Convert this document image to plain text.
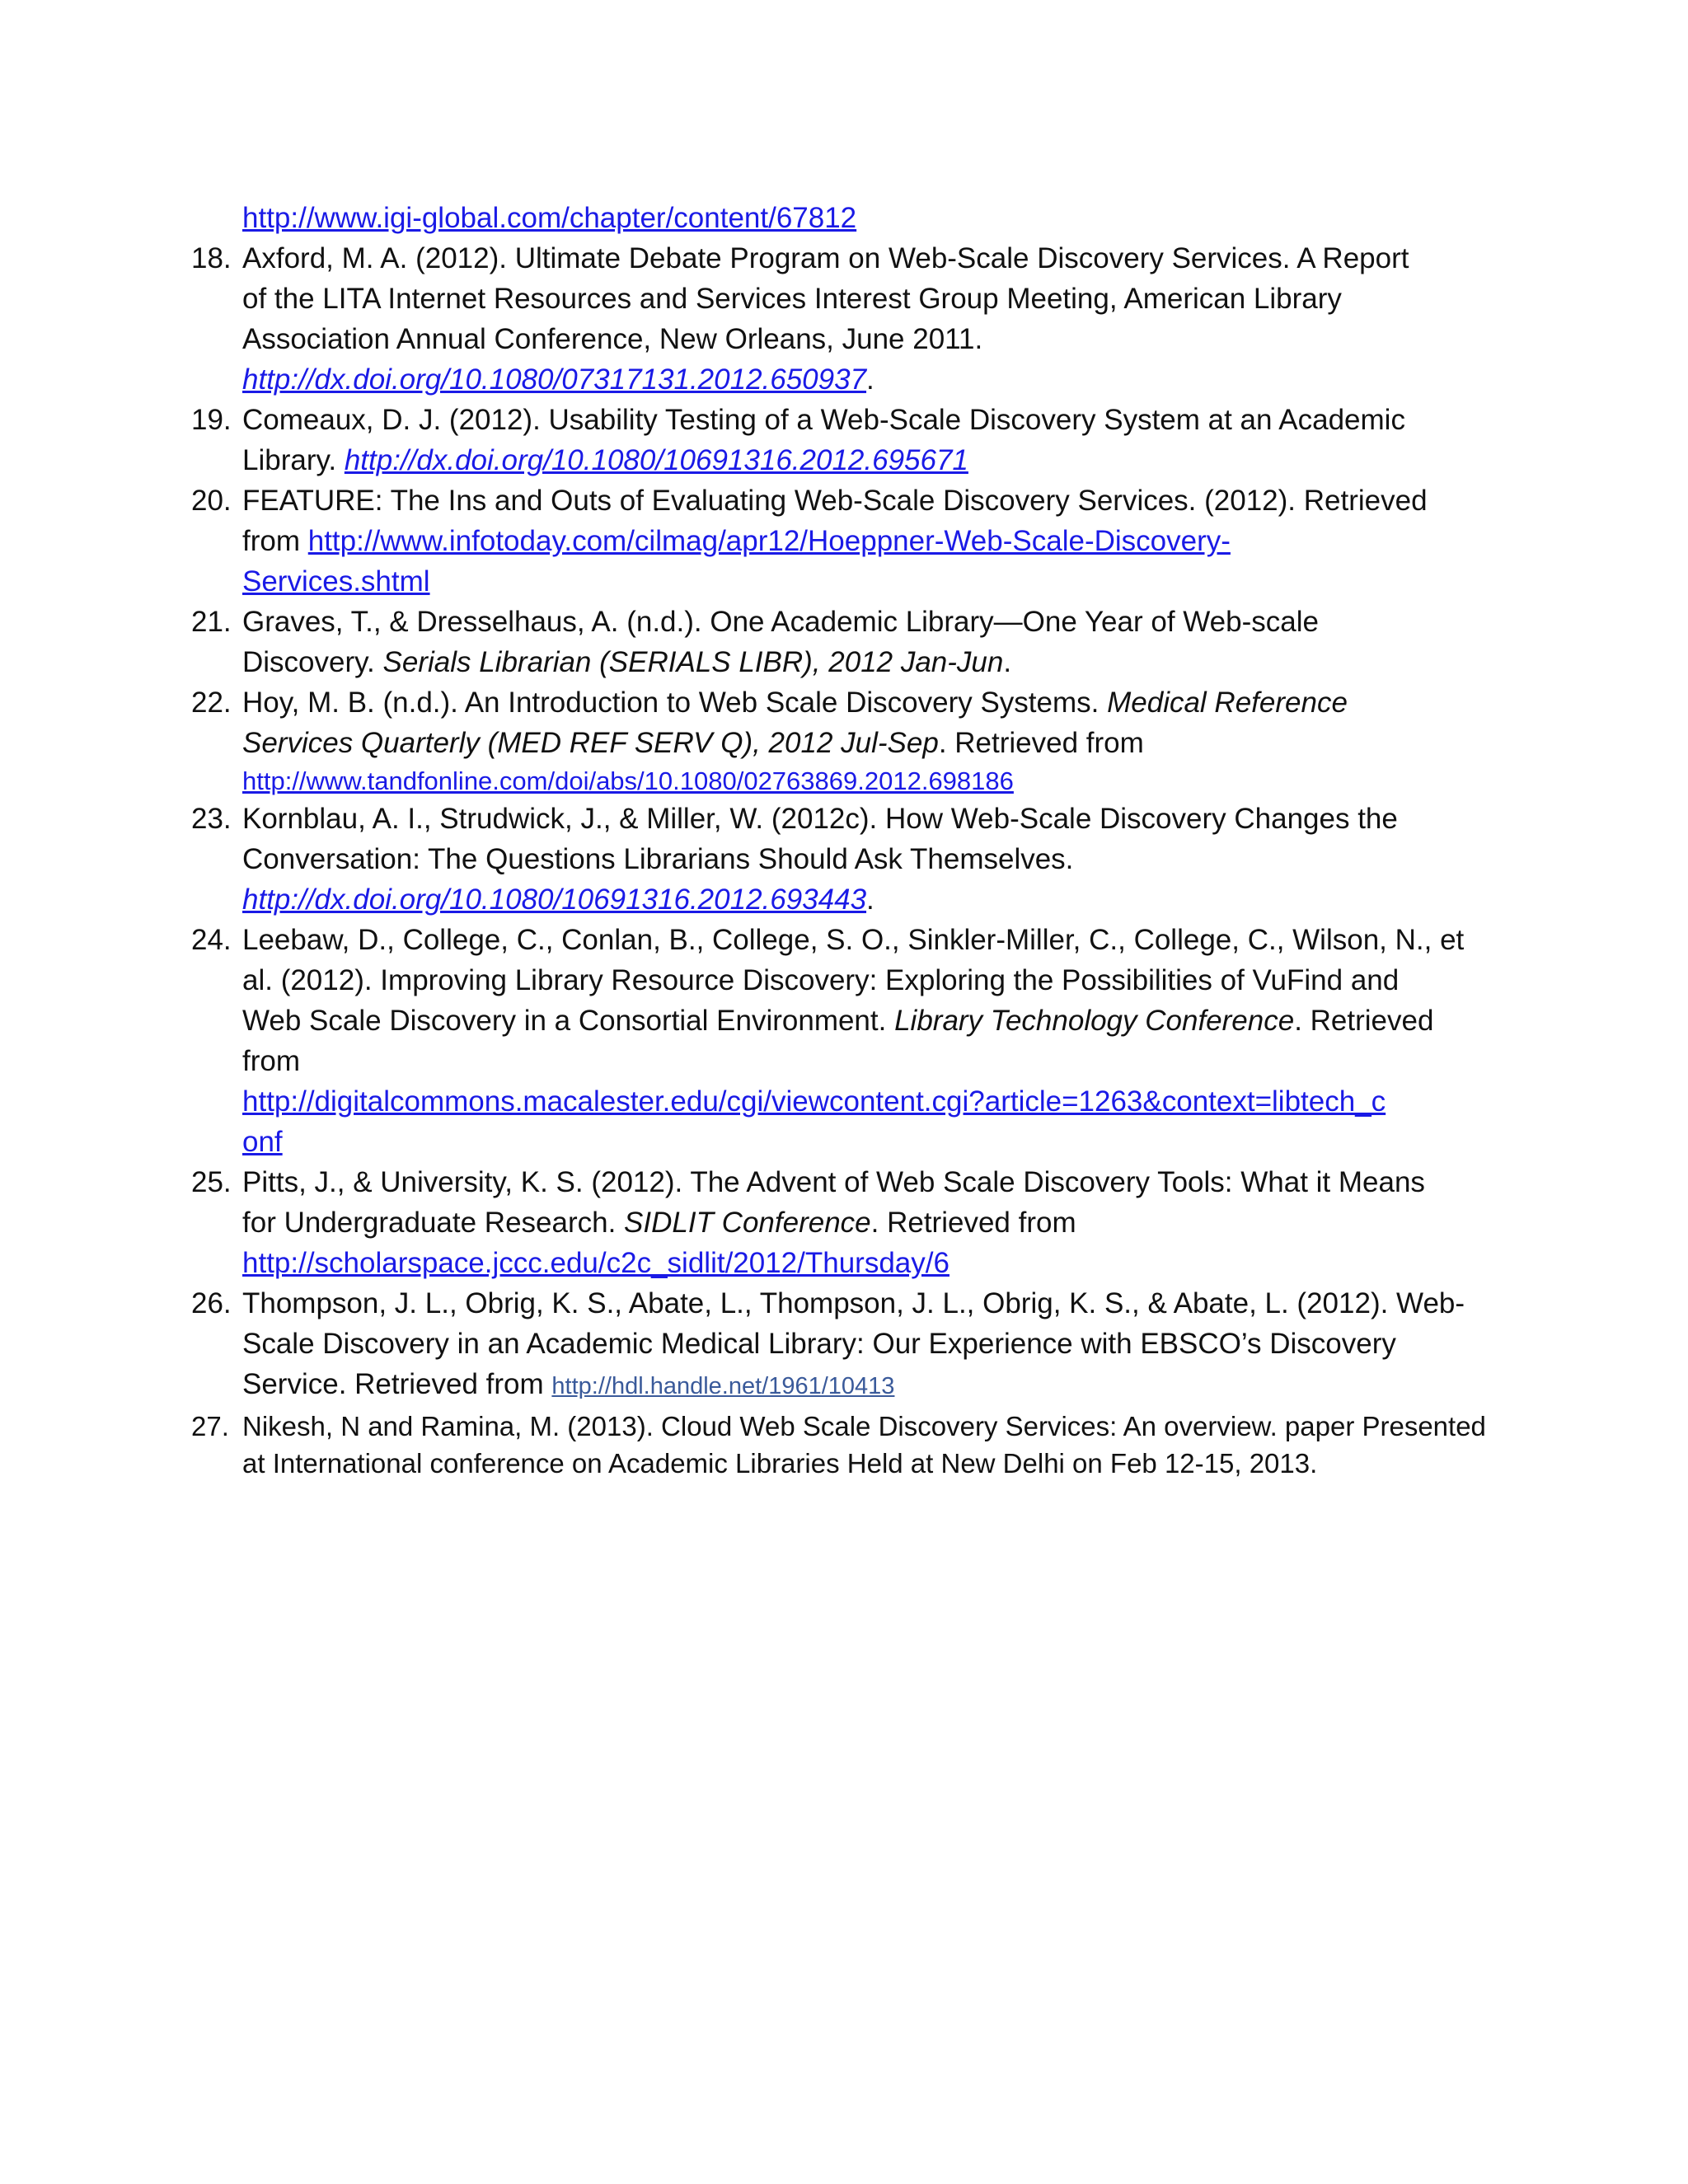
http://www.igi-global.com/chapter/content/67812
18. Axford, M. A. (2012). Ultimate Debate Program on Web-Scale Discovery Services. A Report
of the LITA Internet Resources and Services Interest Group Meeting, American Library
Association Annual Conference, New Orleans, June 2011.
http://dx.doi.org/10.1080/07317131.2012.650937.
19. Comeaux, D. J. (2012). Usability Testing of a Web-Scale Discovery System at an Academic
Library. http://dx.doi.org/10.1080/10691316.2012.695671
20. FEATURE: The Ins and Outs of Evaluating Web-Scale Discovery Services. (2012). Retrieved
from http://www.infotoday.com/cilmag/apr12/Hoeppner-Web-Scale-Discovery-
Services.shtml
21. Graves, T., & Dresselhaus, A. (n.d.). One Academic Library—One Year of Web-scale
Discovery. Serials Librarian (SERIALS LIBR), 2012 Jan-Jun.
22. Hoy, M. B. (n.d.). An Introduction to Web Scale Discovery Systems. Medical Reference
Services Quarterly (MED REF SERV Q), 2012 Jul-Sep. Retrieved from
http://www.tandfonline.com/doi/abs/10.1080/02763869.2012.698186
23. Kornblau, A. I., Strudwick, J., & Miller, W. (2012c). How Web-Scale Discovery Changes the
Conversation: The Questions Librarians Should Ask Themselves.
http://dx.doi.org/10.1080/10691316.2012.693443.
24. Leebaw, D., College, C., Conlan, B., College, S. O., Sinkler-Miller, C., College, C., Wilson, N., et
al. (2012). Improving Library Resource Discovery: Exploring the Possibilities of VuFind and
Web Scale Discovery in a Consortial Environment. Library Technology Conference. Retrieved
from
http://digitalcommons.macalester.edu/cgi/viewcontent.cgi?article=1263&context=libtech_c
onf
25. Pitts, J., & University, K. S. (2012). The Advent of Web Scale Discovery Tools: What it Means
for Undergraduate Research. SIDLIT Conference. Retrieved from
http://scholarspace.jccc.edu/c2c_sidlit/2012/Thursday/6
26. Thompson, J. L., Obrig, K. S., Abate, L., Thompson, J. L., Obrig, K. S., & Abate, L. (2012). Web-
Scale Discovery in an Academic Medical Library: Our Experience with EBSCO’s Discovery
Service. Retrieved from http://hdl.handle.net/1961/10413
27. Nikesh, N and Ramina, M. (2013). Cloud Web Scale Discovery Services: An overview. paper Presented
at International conference on Academic Libraries Held at New Delhi on Feb 12-15, 2013.
